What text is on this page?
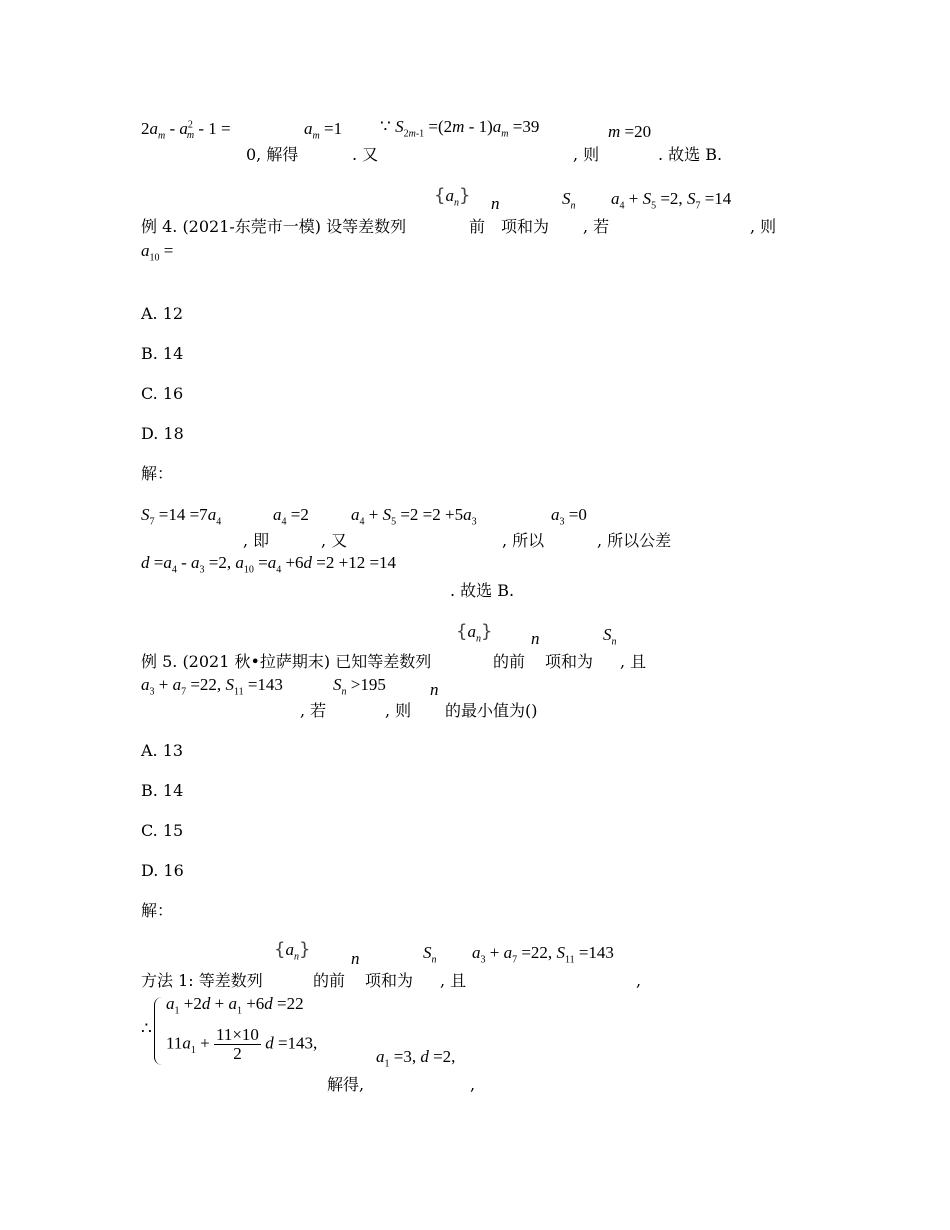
$2a_m - a^2_m - 1$ =	$a_m =1$ ∵ $S_{2m-1} =(2m - 1)a_m =39$	m =20
0, 解得	. 又	, 则	. 故选 B.
$\{a_n\}$ n	$S_n$ $a_4 + S_5 =2$, $S_7 =14$
例 4. (2021-东莞市一模) 设等差数列	前 项和为 , 若	, 则
$a_{10}$ =
A. 12
B. 14
C. 16
D. 18
解：
$S_7 =14 =7a_4$	$a_4 =2$ $a_4 + S_5 =2 =2 +5a_3$	$a_3 =0$
, 即	, 又	, 所以	, 所以公差
$d =a_4 - a_3 =2$, $a_{10} =a_4 +6d =2 +12 =14$
. 故选 B.
$\{a_n\}$ n	$S_n$
例 5. (2021 秋•拉萨期末) 已知等差数列	的前 项和为 , 且
$a_3 + a_7 =22$, $S_{11} =143$	$S_n >195$	n
, 若	, 则 的最小值为()
A. 13
B. 14
C. 15
D. 16
解：
$\{a_n\}$ n	$S_n$ $a_3 + a_7 =22$, $S_{11} =143$
方法 1: 等差数列	的前 项和为 , 且	,
∴
$a_1 +2d + a_1 +6d =22$
$11a_1 + \frac{11\times 10}{2}$ d =143,
$a_1 =3$, d =2,
解得,	,
